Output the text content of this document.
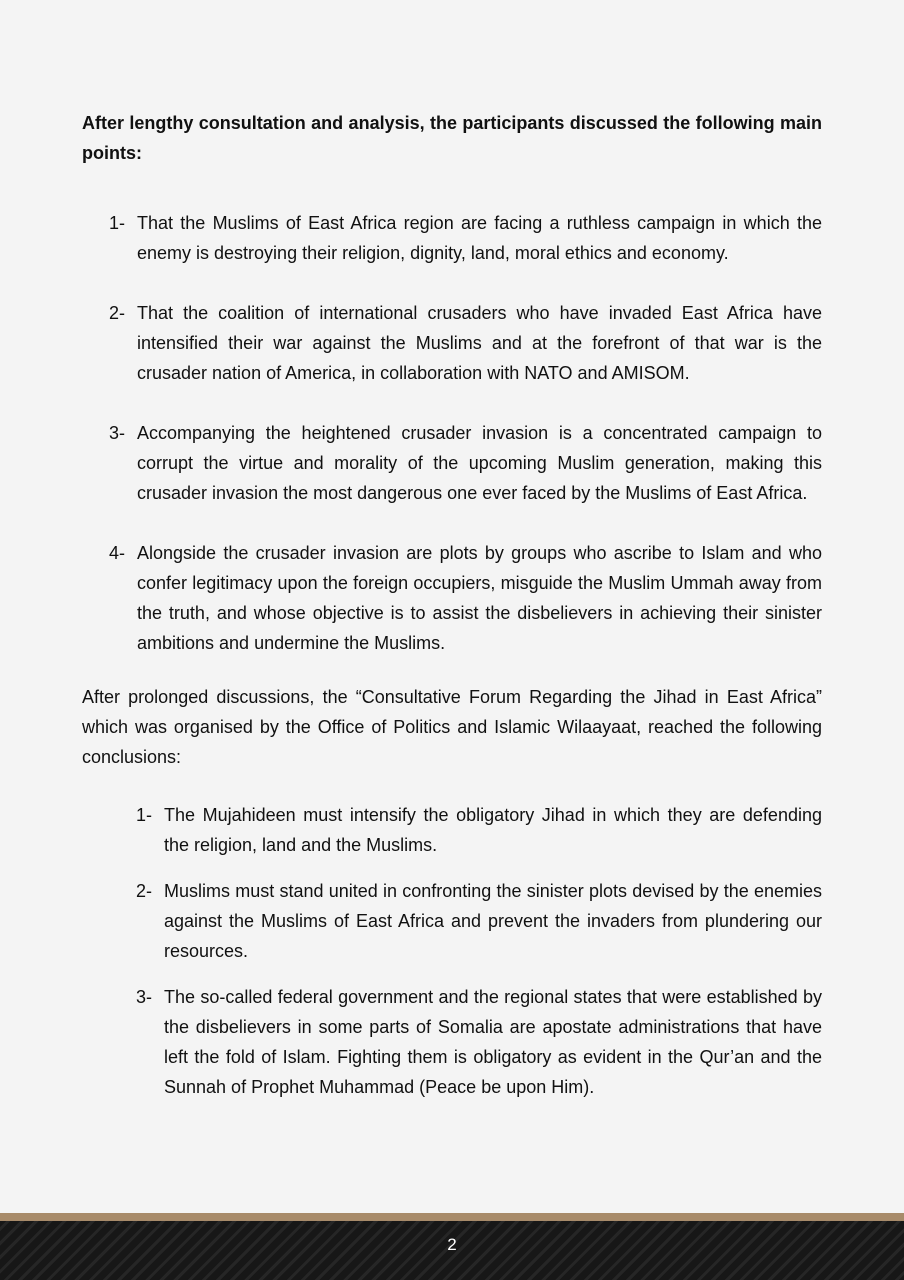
After lengthy consultation and analysis, the participants discussed the following main points:

1- That the Muslims of East Africa region are facing a ruthless campaign in which the enemy is destroying their religion, dignity, land, moral ethics and economy.
2- That the coalition of international crusaders who have invaded East Africa have intensified their war against the Muslims and at the forefront of that war is the crusader nation of America, in collaboration with NATO and AMISOM.
3- Accompanying the heightened crusader invasion is a concentrated campaign to corrupt the virtue and morality of the upcoming Muslim generation, making this crusader invasion the most dangerous one ever faced by the Muslims of East Africa.
4- Alongside the crusader invasion are plots by groups who ascribe to Islam and who confer legitimacy upon the foreign occupiers, misguide the Muslim Ummah away from the truth, and whose objective is to assist the disbelievers in achieving their sinister ambitions and undermine the Muslims.

After prolonged discussions, the “Consultative Forum Regarding the Jihad in East Africa” which was organised by the Office of Politics and Islamic Wilaayaat, reached the following conclusions:

1- The Mujahideen must intensify the obligatory Jihad in which they are defending the religion, land and the Muslims.
2- Muslims must stand united in confronting the sinister plots devised by the enemies against the Muslims of East Africa and prevent the invaders from plundering our resources.
3- The so-called federal government and the regional states that were established by the disbelievers in some parts of Somalia are apostate administrations that have left the fold of Islam. Fighting them is obligatory as evident in the Qur’an and the Sunnah of Prophet Muhammad (Peace be upon Him).
2
